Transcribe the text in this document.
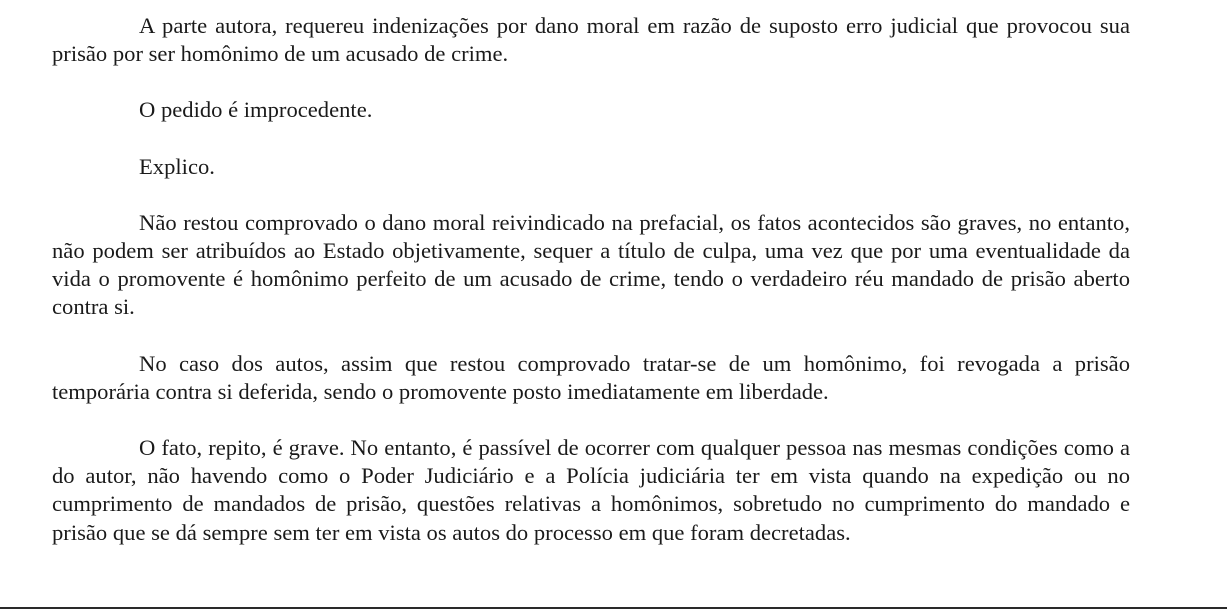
A parte autora, requereu indenizações por dano moral em razão de suposto erro judicial que provocou sua prisão por ser homônimo de um acusado de crime.

O pedido é improcedente.

Explico.

Não restou comprovado o dano moral reivindicado na prefacial, os fatos acontecidos são graves, no entanto, não podem ser atribuídos ao Estado objetivamente, sequer a título de culpa, uma vez que por uma eventualidade da vida o promovente é homônimo perfeito de um acusado de crime, tendo o verdadeiro réu mandado de prisão aberto contra si.

No caso dos autos, assim que restou comprovado tratar-se de um homônimo, foi revogada a prisão temporária contra si deferida, sendo o promovente posto imediatamente em liberdade.

O fato, repito, é grave. No entanto, é passível de ocorrer com qualquer pessoa nas mesmas condições como a do autor, não havendo como o Poder Judiciário e a Polícia judiciária ter em vista quando na expedição ou no cumprimento de mandados de prisão, questões relativas a homônimos, sobretudo no cumprimento do mandado e prisão que se dá sempre sem ter em vista os autos do processo em que foram decretadas.
